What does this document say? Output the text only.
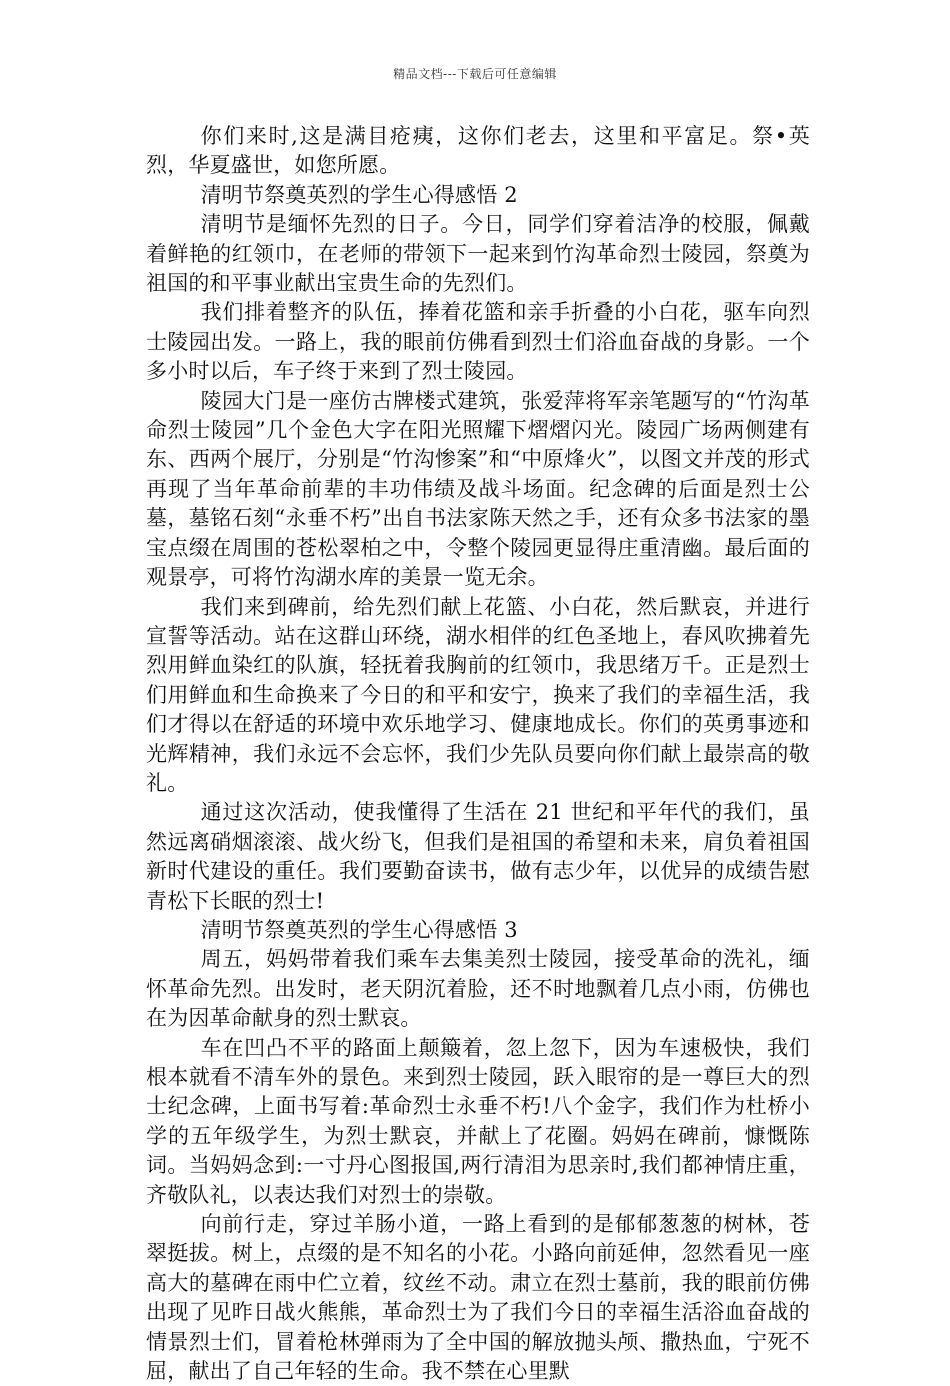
精品文档---下载后可任意编辑

你们来时,这是满目疮痍，这你们老去，这里和平富足。祭•英烈，华夏盛世，如您所愿。

清明节祭奠英烈的学生心得感悟 2

清明节是缅怀先烈的日子。今日，同学们穿着洁净的校服，佩戴着鲜艳的红领巾，在老师的带领下一起来到竹沟革命烈士陵园，祭奠为祖国的和平事业献出宝贵生命的先烈们。

我们排着整齐的队伍，捧着花篮和亲手折叠的小白花，驱车向烈士陵园出发。一路上，我的眼前仿佛看到烈士们浴血奋战的身影。一个多小时以后，车子终于来到了烈士陵园。

陵园大门是一座仿古牌楼式建筑，张爱萍将军亲笔题写的“竹沟革命烈士陵园”几个金色大字在阳光照耀下熠熠闪光。陵园广场两侧建有东、西两个展厅，分别是“竹沟惨案”和“中原烽火”，以图文并茂的形式再现了当年革命前辈的丰功伟绩及战斗场面。纪念碑的后面是烈士公墓，墓铭石刻“永垂不朽”出自书法家陈天然之手，还有众多书法家的墨宝点缀在周围的苍松翠柏之中，令整个陵园更显得庄重清幽。最后面的观景亭，可将竹沟湖水库的美景一览无余。

我们来到碑前，给先烈们献上花篮、小白花，然后默哀，并进行宣誓等活动。站在这群山环绕，湖水相伴的红色圣地上，春风吹拂着先烈用鲜血染红的队旗，轻抚着我胸前的红领巾，我思绪万千。正是烈士们用鲜血和生命换来了今日的和平和安宁，换来了我们的幸福生活，我们才得以在舒适的环境中欢乐地学习、健康地成长。你们的英勇事迹和光辉精神，我们永远不会忘怀，我们少先队员要向你们献上最崇高的敬礼。

通过这次活动，使我懂得了生活在 21 世纪和平年代的我们，虽然远离硝烟滚滚、战火纷飞，但我们是祖国的希望和未来，肩负着祖国新时代建设的重任。我们要勤奋读书，做有志少年，以优异的成绩告慰青松下长眠的烈士!

清明节祭奠英烈的学生心得感悟 3

周五，妈妈带着我们乘车去集美烈士陵园，接受革命的洗礼，缅怀革命先烈。出发时，老天阴沉着脸，还不时地飘着几点小雨，仿佛也在为因革命献身的烈士默哀。

车在凹凸不平的路面上颠簸着，忽上忽下，因为车速极快，我们根本就看不清车外的景色。来到烈士陵园，跃入眼帘的是一尊巨大的烈士纪念碑，上面书写着:革命烈士永垂不朽!八个金字，我们作为杜桥小学的五年级学生，为烈士默哀，并献上了花圈。妈妈在碑前，慷慨陈词。当妈妈念到:一寸丹心图报国,两行清泪为思亲时,我们都神情庄重，齐敬队礼，以表达我们对烈士的崇敬。

向前行走，穿过羊肠小道，一路上看到的是郁郁葱葱的树林，苍翠挺拔。树上，点缀的是不知名的小花。小路向前延伸，忽然看见一座高大的墓碑在雨中伫立着，纹丝不动。肃立在烈士墓前，我的眼前仿佛出现了见昨日战火熊熊，革命烈士为了我们今日的幸福生活浴血奋战的情景烈士们，冒着枪林弹雨为了全中国的解放抛头颅、撒热血，宁死不屈，献出了自己年轻的生命。我不禁在心里默
